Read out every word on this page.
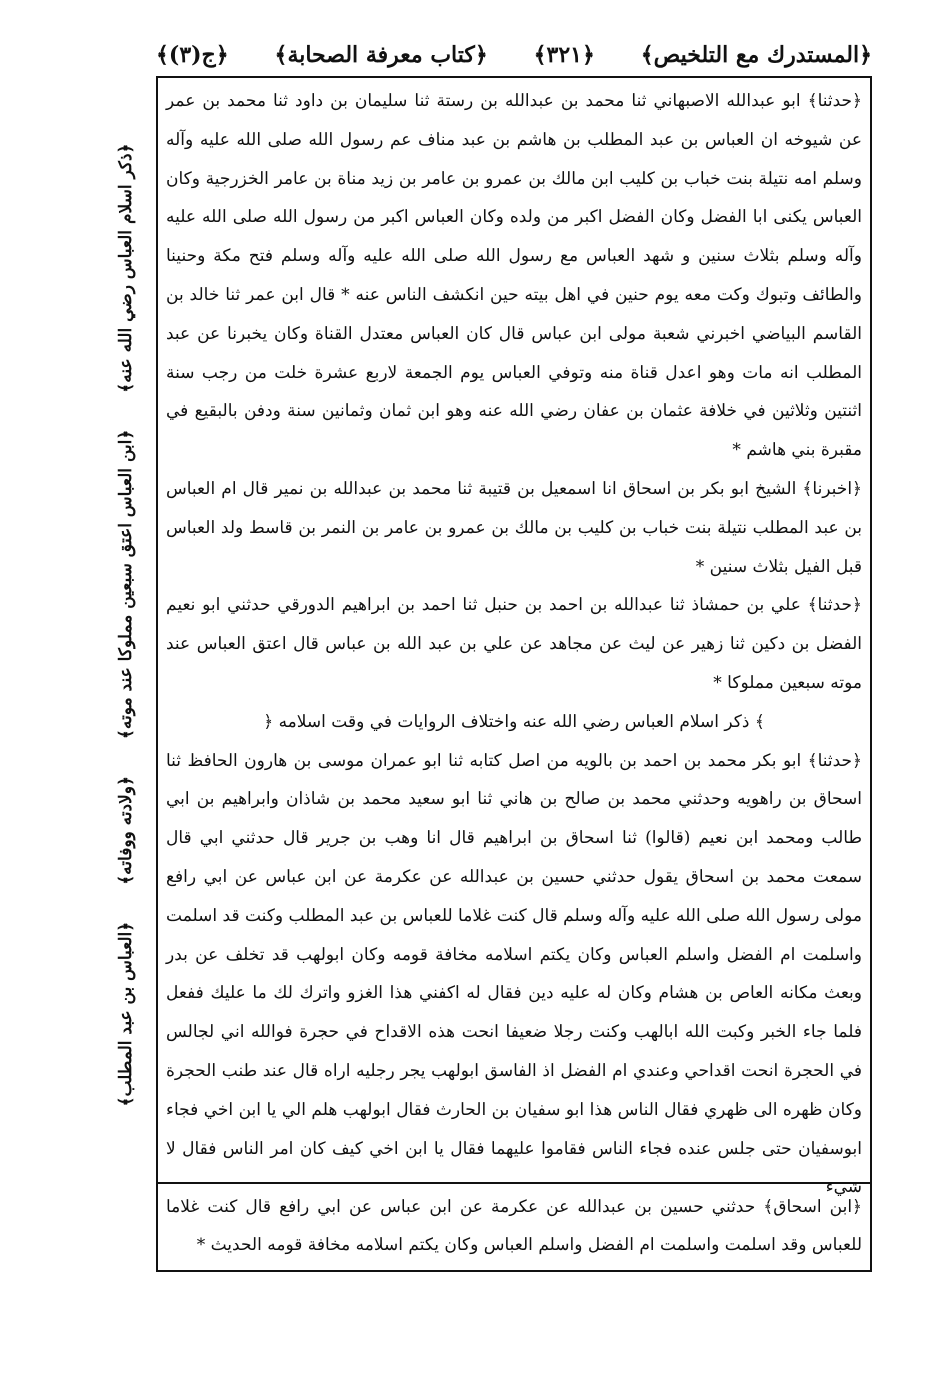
﴿المستدرك مع التلخيص﴾
﴿٣٢١﴾
﴿كتاب معرفة الصحابة﴾
﴿ج(٣)﴾
﴿ذكر اسلام العباس رضي الله عنه﴾
﴿ابن العباس اعتق سبعين مملوكا عند موته﴾
﴿ولادته ووفاته﴾
﴿العباس بن عبد المطلب﴾

﴿حدثنا﴾ ابو عبدالله الاصبهاني ثنا محمد بن عبدالله بن رستة ثنا سليمان بن داود ثنا محمد بن عمر عن شيوخه ان العباس بن عبد المطلب بن هاشم بن عبد مناف عم رسول الله صلى الله عليه وآله وسلم امه نتيلة بنت خباب بن كليب ابن مالك بن عمرو بن عامر بن زيد مناة بن عامر الخزرجية وكان العباس يكنى ابا الفضل وكان الفضل اكبر من ولده وكان العباس اكبر من رسول الله صلى الله عليه وآله وسلم بثلاث سنين و شهد العباس مع رسول الله صلى الله عليه وآله وسلم فتح مكة وحنينا والطائف وتبوك وكت معه يوم حنين في اهل بيته حين انكشف الناس عنه ‌* قال ابن عمر ثنا خالد بن القاسم البياضي اخبرني شعبة مولى ابن عباس قال كان العباس معتدل القناة وكان يخبرنا عن عبد المطلب انه مات وهو اعدل قناة منه وتوفي العباس يوم الجمعة لاربع عشرة خلت من رجب سنة اثنتين وثلاثين في خلافة عثمان بن عفان رضي الله عنه وهو ابن ثمان وثمانين سنة ودفن بالبقيع في مقبرة بني هاشم *

﴿اخبرنا﴾ الشيخ ابو بكر بن اسحاق انا اسمعيل بن قتيبة ثنا محمد بن عبدالله بن نمير قال ام العباس بن عبد المطلب نتيلة بنت خباب بن كليب بن مالك بن عمرو بن عامر بن النمر بن قاسط ولد العباس قبل الفيل بثلاث سنين *

﴿حدثنا﴾ علي بن حمشاذ ثنا عبدالله بن احمد بن حنبل ثنا احمد بن ابراهيم الدورقي حدثني ابو نعيم الفضل بن دكين ثنا زهير عن ليث عن مجاهد عن علي بن عبد الله بن عباس قال اعتق العباس عند موته سبعين مملوكا *

﴾ ذكر اسلام العباس رضي الله عنه واختلاف الروايات في وقت اسلامه ﴿

﴿حدثنا﴾ ابو بكر محمد بن احمد بن بالويه من اصل كتابه ثنا ابو عمران موسى بن هارون الحافظ ثنا اسحاق بن راهويه وحدثني محمد بن صالح بن هاني ثنا ابو سعيد محمد بن شاذان وابراهيم بن ابي طالب ومحمد ابن نعيم (قالوا) ثنا اسحاق بن ابراهيم قال انا وهب بن جرير قال حدثني ابي قال سمعت محمد بن اسحاق يقول حدثني حسين بن عبدالله عن عكرمة عن ابن عباس عن ابي رافع مولى رسول الله صلى الله عليه وآله وسلم قال كنت غلاما للعباس بن عبد المطلب وكنت قد اسلمت واسلمت ام الفضل واسلم العباس وكان يكتم اسلامه مخافة قومه وكان ابولهب قد تخلف عن بدر وبعث مكانه العاص بن هشام وكان له عليه دين فقال له اكفني هذا الغزو واترك لك ما عليك ففعل فلما جاء الخبر وكبت الله ابالهب وكنت رجلا ضعيفا انحت هذه الاقداح في حجرة فوالله اني لجالس في الحجرة انحت اقداحي وعندي ام الفضل اذ الفاسق ابولهب يجر رجليه اراه قال عند طنب الحجرة وكان ظهره الى ظهري فقال الناس هذا ابو سفيان بن الحارث فقال ابولهب هلم الي يا ابن اخي فجاء ابوسفيان حتى جلس عنده فجاء الناس فقاموا عليهما فقال يا ابن اخي كيف كان امر الناس فقال لا شيء

﴿ابن اسحاق﴾ حدثني حسين بن عبدالله عن عكرمة عن ابن عباس عن ابي رافع قال كنت غلاما للعباس وقد اسلمت واسلمت ام الفضل واسلم العباس وكان يكتم اسلامه مخافة قومه الحديث *
